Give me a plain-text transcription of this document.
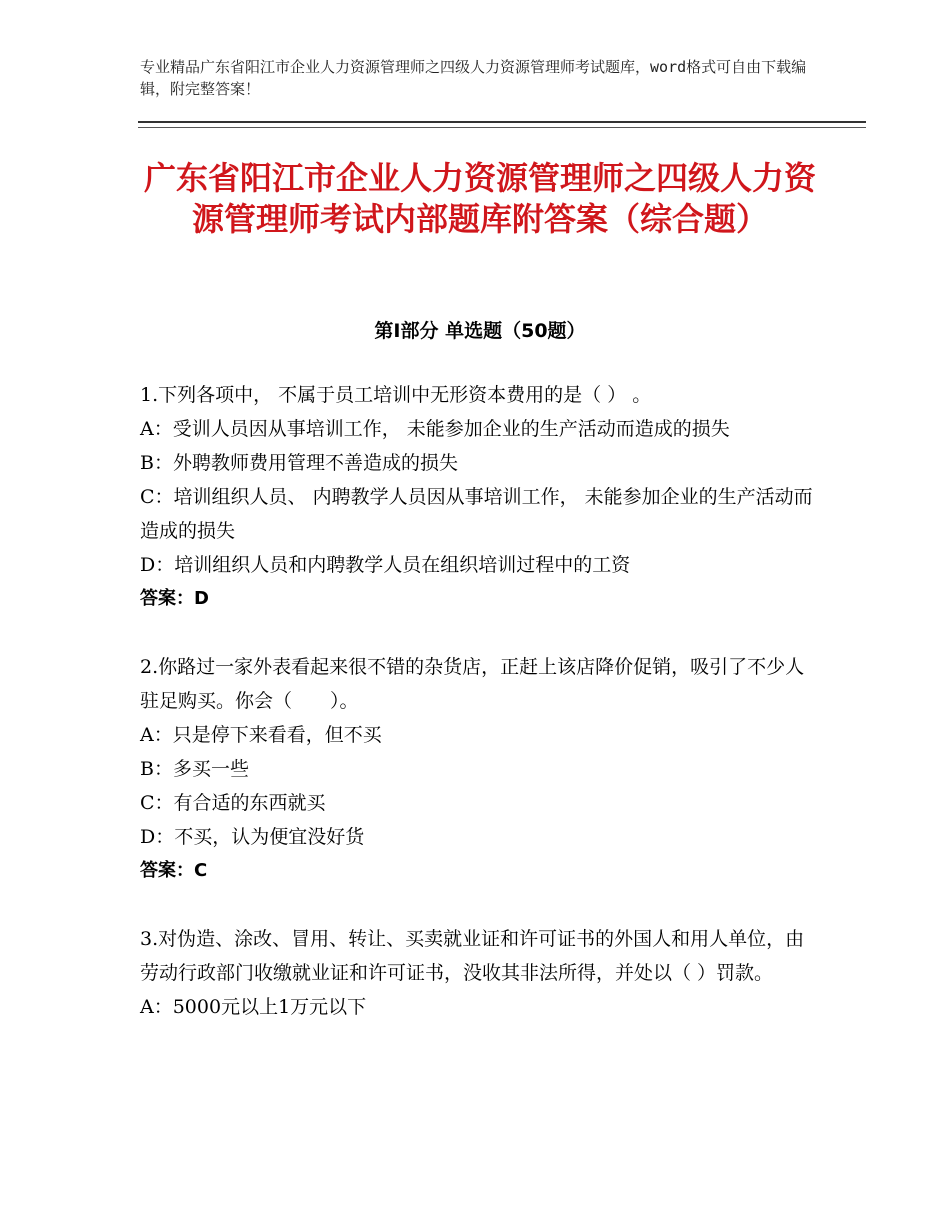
专业精品广东省阳江市企业人力资源管理师之四级人力资源管理师考试题库，word格式可自由下载编辑，附完整答案！
广东省阳江市企业人力资源管理师之四级人力资源管理师考试内部题库附答案（综合题）
第Ⅰ部分 单选题（50题）
1.下列各项中， 不属于员工培训中无形资本费用的是（ ） 。
A：受训人员因从事培训工作， 未能参加企业的生产活动而造成的损失
B：外聘教师费用管理不善造成的损失
C：培训组织人员、 内聘教学人员因从事培训工作， 未能参加企业的生产活动而造成的损失
D：培训组织人员和内聘教学人员在组织培训过程中的工资
答案：D
2.你路过一家外表看起来很不错的杂货店，正赶上该店降价促销，吸引了不少人驻足购买。你会（　　）。
A：只是停下来看看，但不买
B：多买一些
C：有合适的东西就买
D：不买，认为便宜没好货
答案：C
3.对伪造、涂改、冒用、转让、买卖就业证和许可证书的外国人和用人单位，由劳动行政部门收缴就业证和许可证书，没收其非法所得，并处以（ ）罚款。
A：5000元以上1万元以下
